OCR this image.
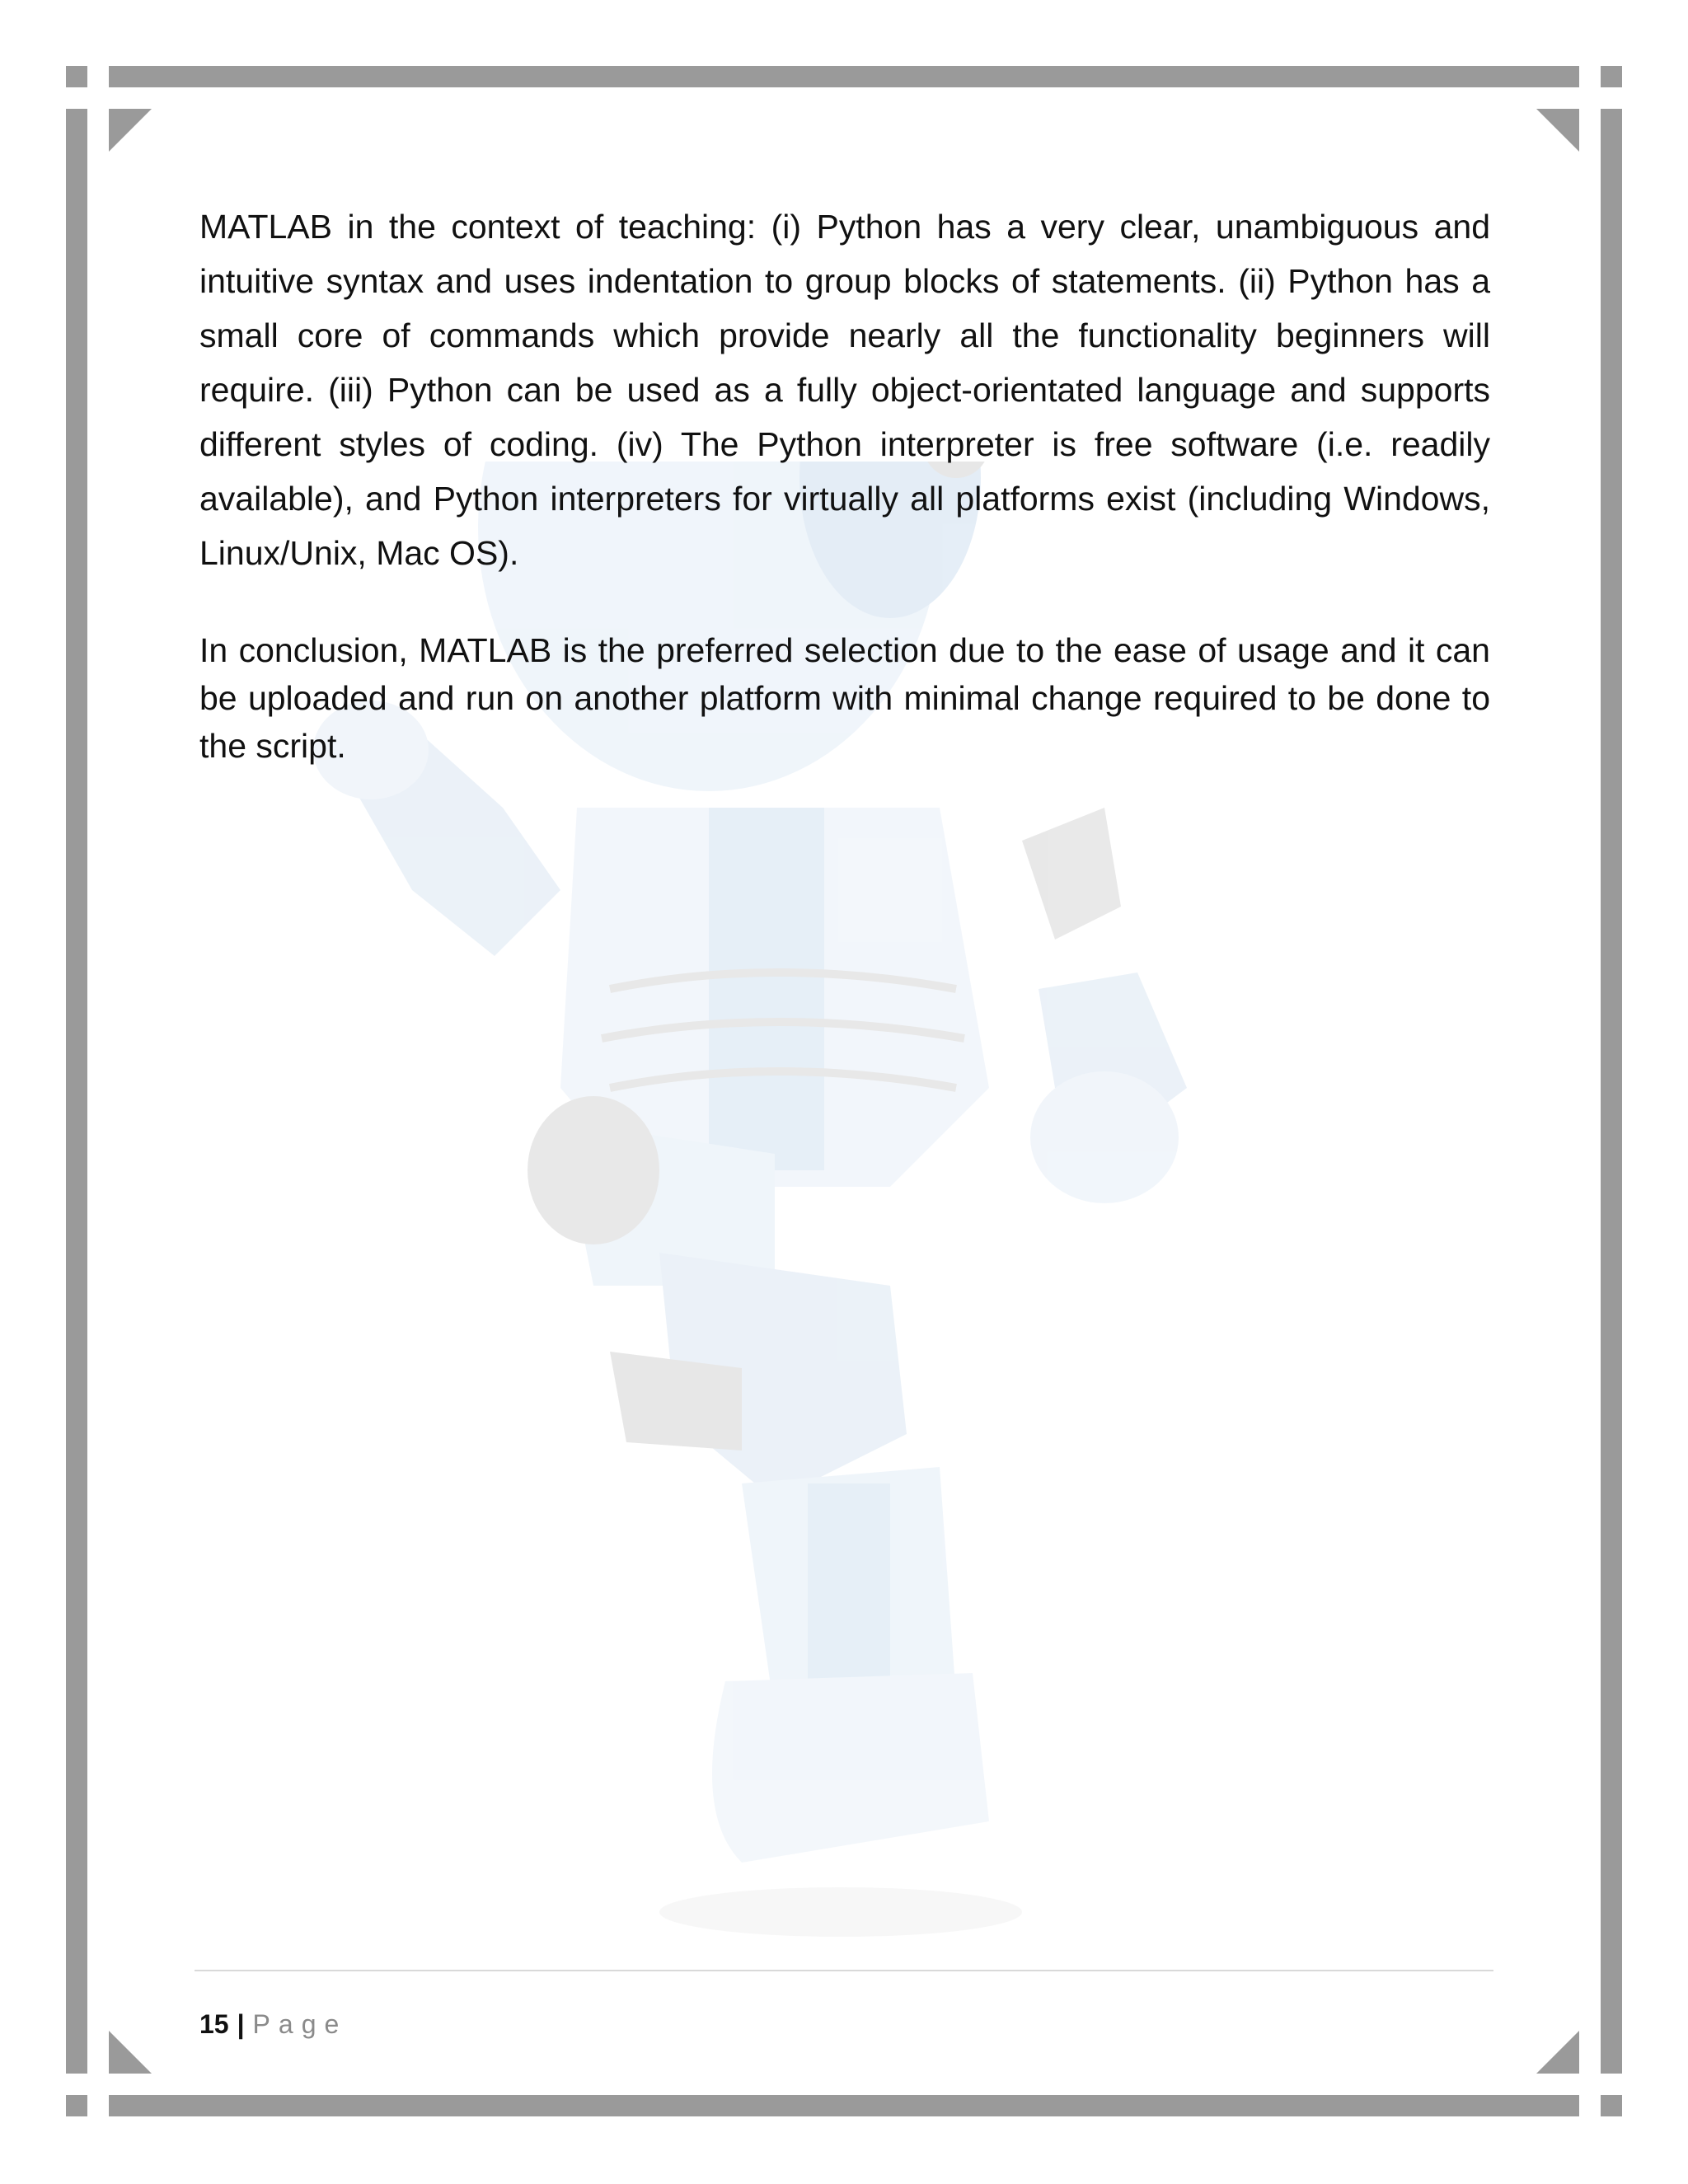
MATLAB in the context of teaching: (i) Python has a very clear, unambiguous and intuitive syntax and uses indentation to group blocks of statements. (ii) Python has a small core of commands which provide nearly all the functionality beginners will require. (iii) Python can be used as a fully object-orientated language and supports different styles of coding. (iv) The Python interpreter is free software (i.e. readily available), and Python interpreters for virtually all platforms exist (including Windows, Linux/Unix, Mac OS).

In conclusion, MATLAB is the preferred selection due to the ease of usage and it can be uploaded and run on another platform with minimal change required to be done to the script.

15 | Page
